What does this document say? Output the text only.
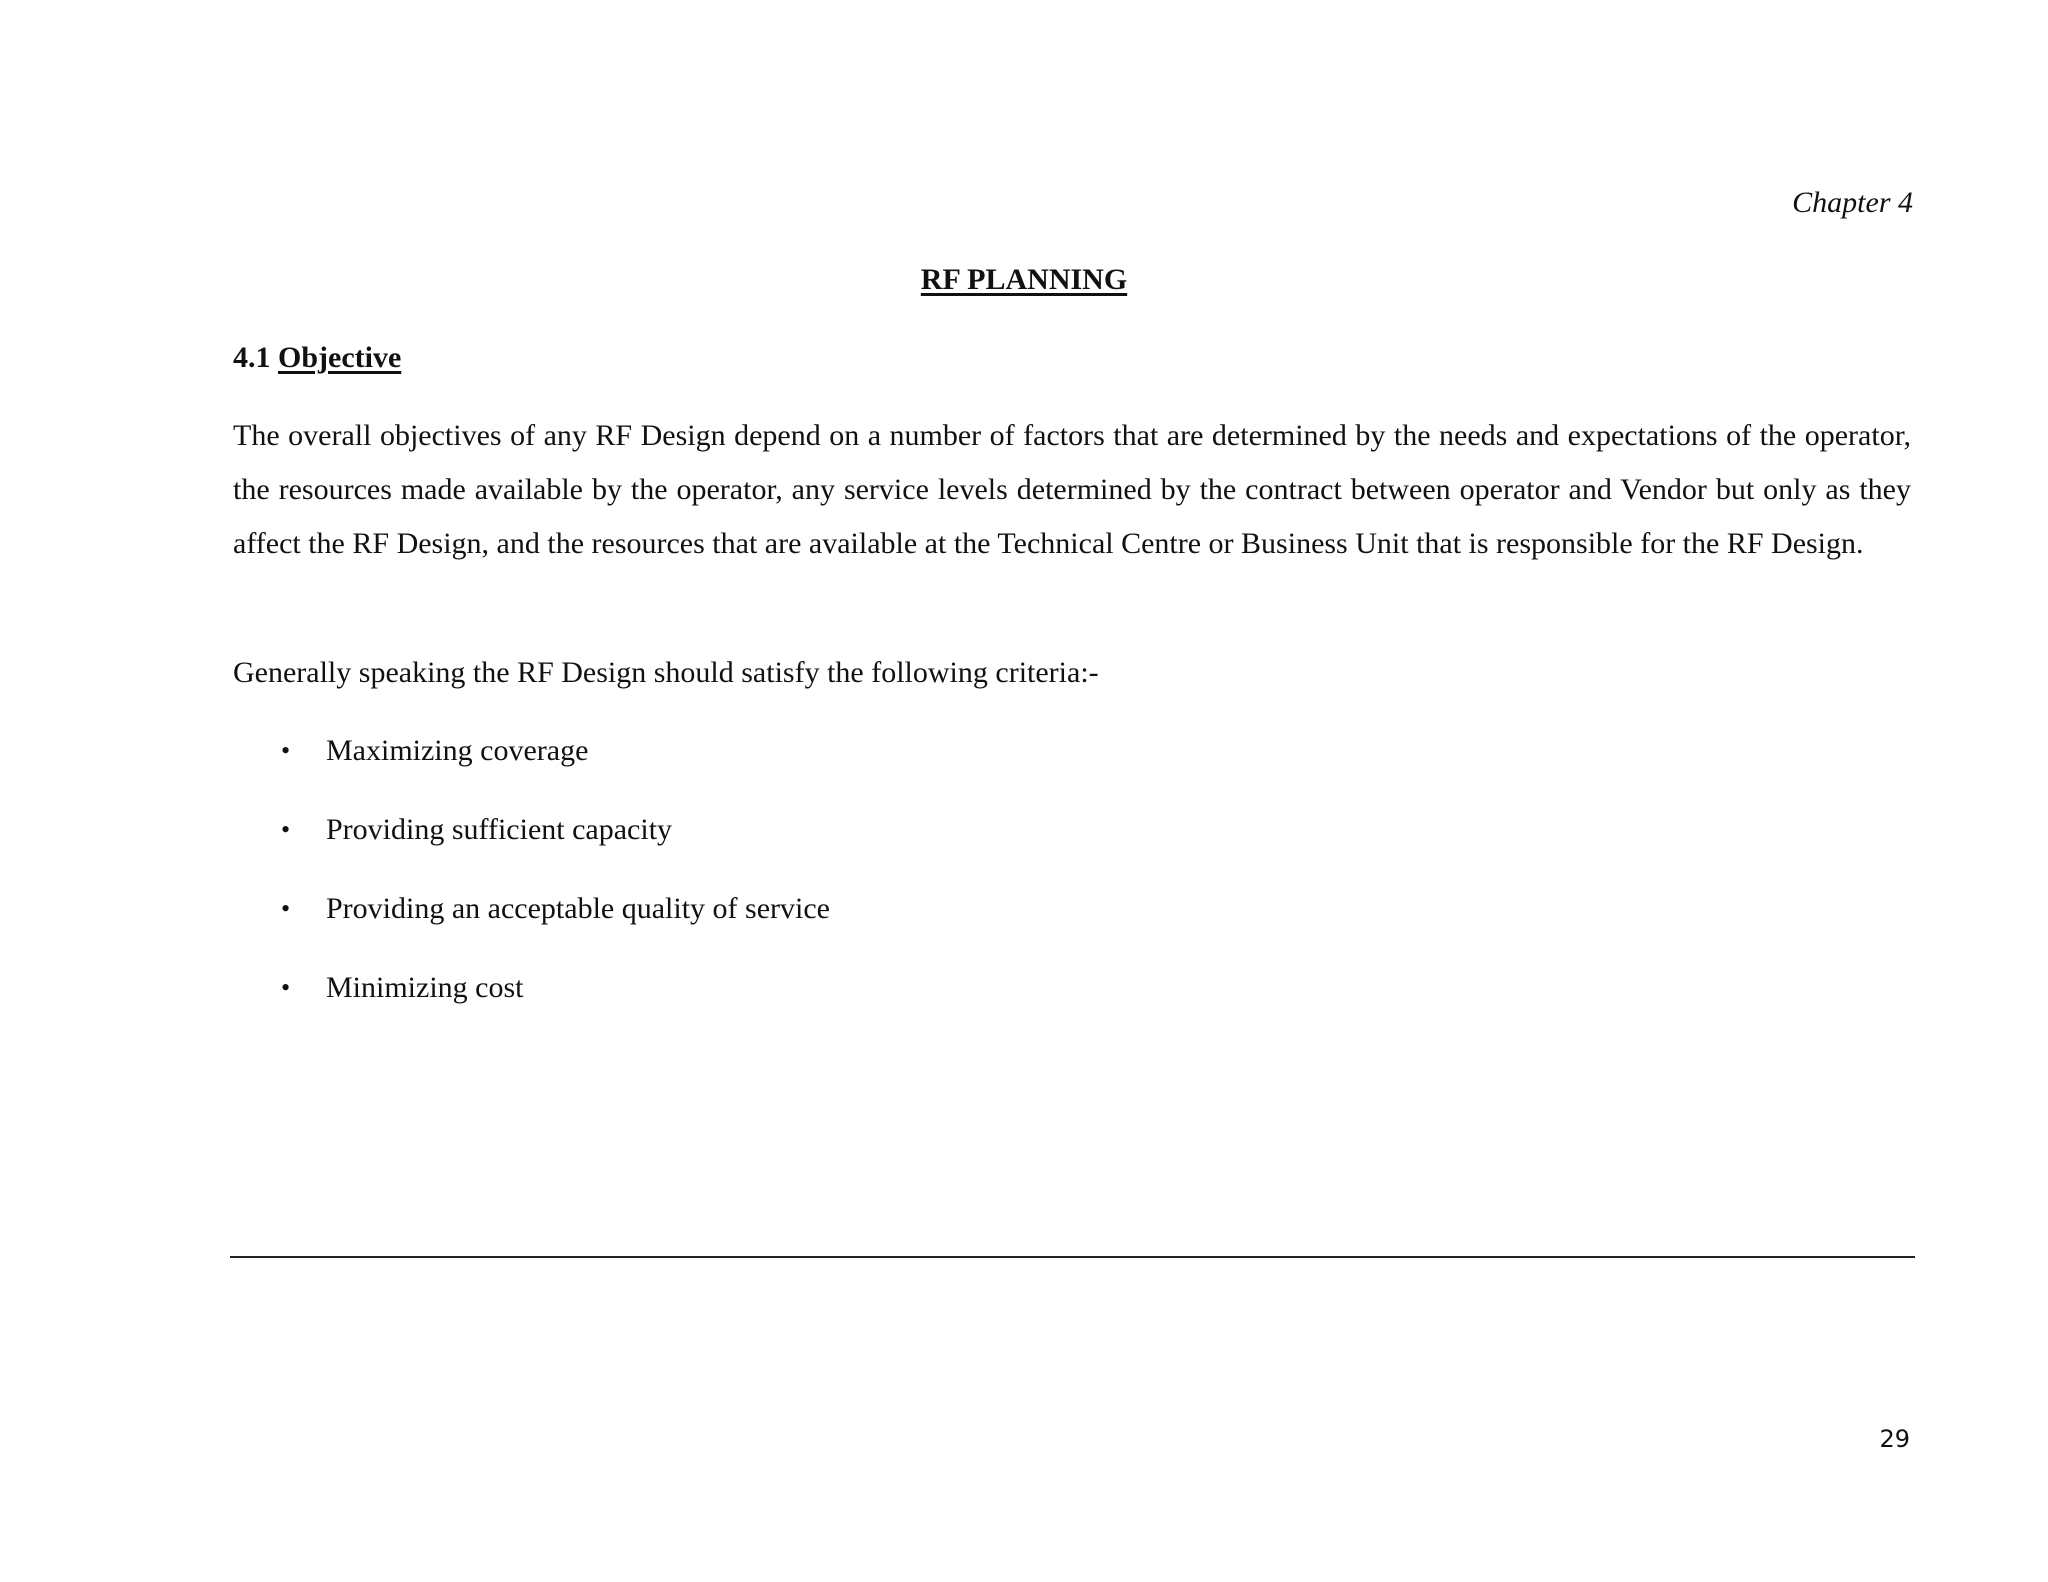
Chapter 4
RF PLANNING
4.1 Objective

The overall objectives of any RF Design depend on a number of factors that are determined by the needs and expectations of the operator, the resources made available by the operator, any service levels determined by the contract between operator and Vendor but only as they affect the RF Design, and the resources that are available at the Technical Centre or Business Unit that is responsible for the RF Design.

Generally speaking the RF Design should satisfy the following criteria:-

• Maximizing coverage
• Providing sufficient capacity
• Providing an acceptable quality of service
• Minimizing cost
29
